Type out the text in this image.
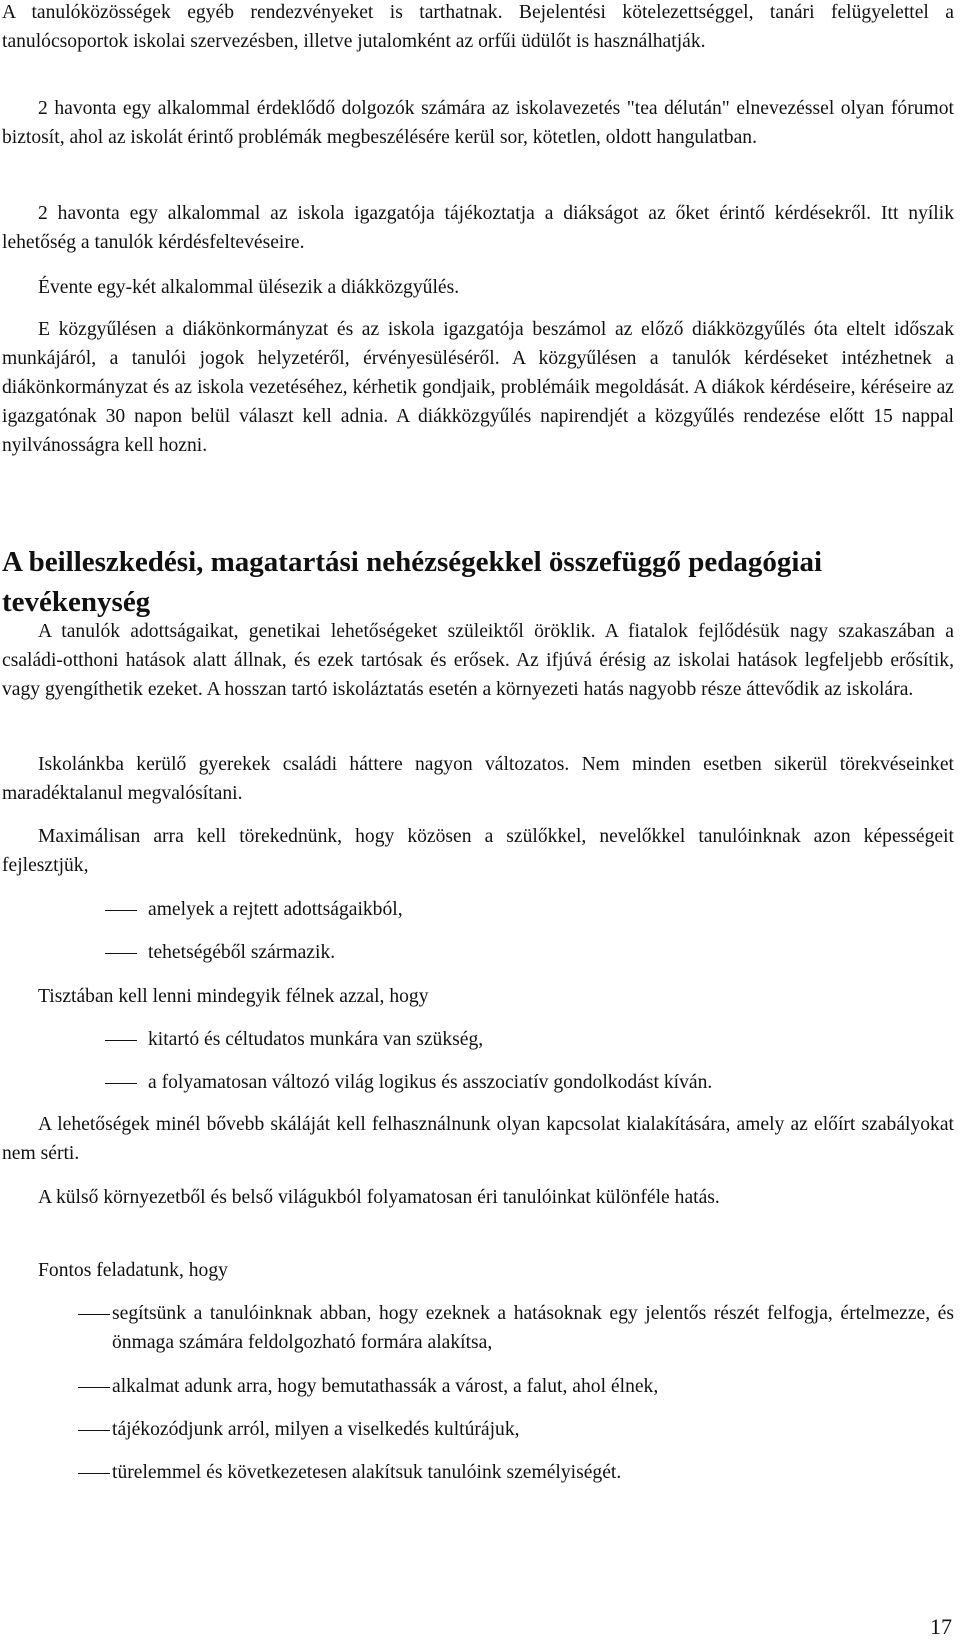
A tanulóközösségek egyéb rendezvényeket is tarthatnak. Bejelentési kötelezettséggel, tanári felügyelettel a tanulócsoportok iskolai szervezésben, illetve jutalomként az orfűi üdülőt is használhatják.

2 havonta egy alkalommal érdeklődő dolgozók számára az iskolavezetés "tea délután" elnevezéssel olyan fórumot biztosít, ahol az iskolát érintő problémák megbeszélésére kerül sor, kötetlen, oldott hangulatban.

2 havonta egy alkalommal az iskola igazgatója tájékoztatja a diákságot az őket érintő kérdésekről. Itt nyílik lehetőség a tanulók kérdésfeltevéseire.

Évente egy-két alkalommal ülésezik a diákközgyűlés.

E közgyűlésen a diákönkormányzat és az iskola igazgatója beszámol az előző diákközgyűlés óta eltelt időszak munkájáról, a tanulói jogok helyzetéről, érvényesüléséről. A közgyűlésen a tanulók kérdéseket intézhetnek a diákönkormányzat és az iskola vezetéséhez, kérhetik gondjaik, problémáik megoldását. A diákok kérdéseire, kéréseire az igazgatónak 30 napon belül választ kell adnia. A diákközgyűlés napirendjét a közgyűlés rendezése előtt 15 nappal nyilvánosságra kell hozni.

A beilleszkedési, magatartási nehézségekkel összefüggő pedagógiai tevékenység

A tanulók adottságaikat, genetikai lehetőségeket szüleiktől öröklik. A fiatalok fejlődésük nagy szakaszában a családi-otthoni hatások alatt állnak, és ezek tartósak és erősek. Az ifjúvá érésig az iskolai hatások legfeljebb erősítik, vagy gyengíthetik ezeket. A hosszan tartó iskoláztatás esetén a környezeti hatás nagyobb része áttevődik az iskolára.

Iskolánkba kerülő gyerekek családi háttere nagyon változatos. Nem minden esetben sikerül törekvéseinket maradéktalanul megvalósítani.

Maximálisan arra kell törekednünk, hogy közösen a szülőkkel, nevelőkkel tanulóinknak azon képességeit fejlesztjük,

amelyek a rejtett adottságaikból,

tehetségéből származik.

Tisztában kell lenni mindegyik félnek azzal, hogy

kitartó és céltudatos munkára van szükség,

a folyamatosan változó világ logikus és asszociatív gondolkodást kíván.

A lehetőségek minél bővebb skáláját kell felhasználnunk olyan kapcsolat kialakítására, amely az előírt szabályokat nem sérti.

A külső környezetből és belső világukból folyamatosan éri tanulóinkat különféle hatás.

Fontos feladatunk, hogy

segítsünk a tanulóinknak abban, hogy ezeknek a hatásoknak egy jelentős részét felfogja, értelmezze, és önmaga számára feldolgozható formára alakítsa,

alkalmat adunk arra, hogy bemutathassák a várost, a falut, ahol élnek,

tájékozódjunk arról, milyen a viselkedés kultúrájuk,

türelemmel és következetesen alakítsuk tanulóink személyiségét.

17
